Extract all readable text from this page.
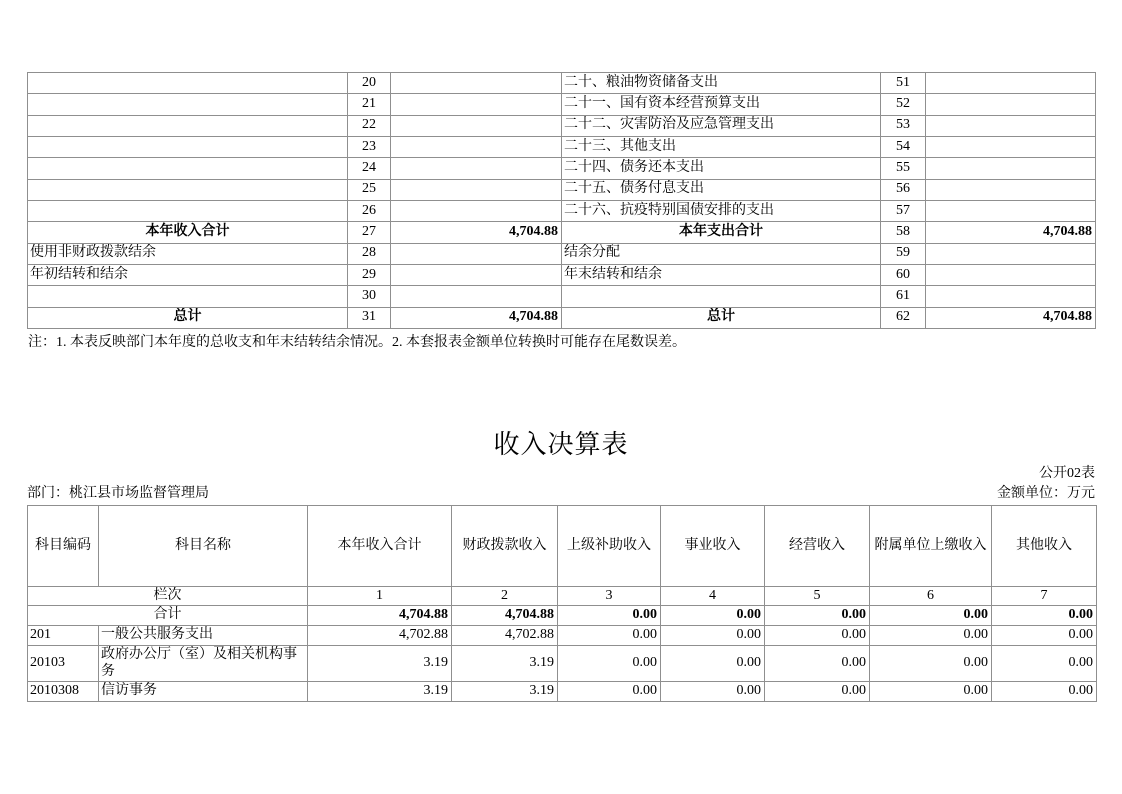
	20		二十、粮油物资储备支出	51	
	21		二十一、国有资本经营预算支出	52	
	22		二十二、灾害防治及应急管理支出	53	
	23		二十三、其他支出	54	
	24		二十四、债务还本支出	55	
	25		二十五、债务付息支出	56	
	26		二十六、抗疫特别国债安排的支出	57	
本年收入合计	27	4,704.88	本年支出合计	58	4,704.88
使用非财政拨款结余	28		结余分配	59	
年初结转和结余	29		年末结转和结余	60	
	30			61	
总计	31	4,704.88	总计	62	4,704.88
注：1. 本表反映部门本年度的总收支和年末结转结余情况。2. 本套报表金额单位转换时可能存在尾数误差。
收入决算表
公开02表
部门：桃江县市场监督管理局	金额单位：万元
科目编码	科目名称	本年收入合计	财政拨款收入	上级补助收入	事业收入	经营收入	附属单位上缴收入	其他收入
栏次		1	2	3	4	5	6	7
合计		4,704.88	4,704.88	0.00	0.00	0.00	0.00	0.00
201	一般公共服务支出	4,702.88	4,702.88	0.00	0.00	0.00	0.00	0.00
20103	政府办公厅（室）及相关机构事务	3.19	3.19	0.00	0.00	0.00	0.00	0.00
2010308	信访事务	3.19	3.19	0.00	0.00	0.00	0.00	0.00
